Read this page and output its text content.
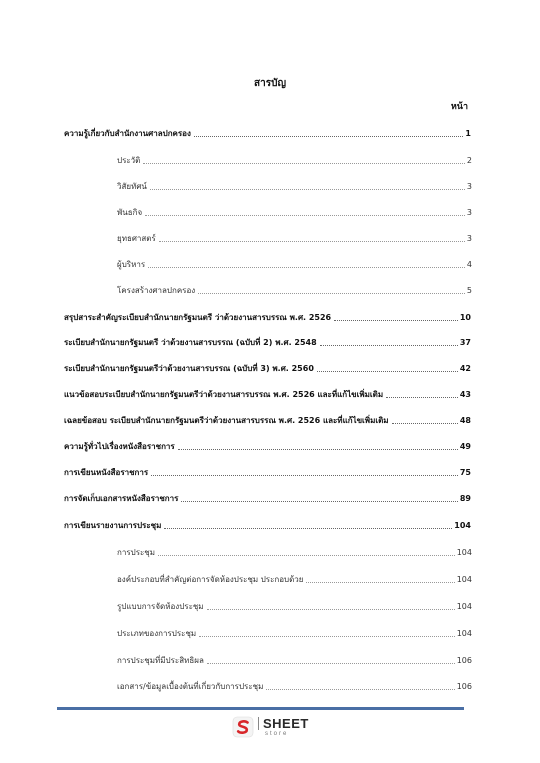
สารบัญ
หน้า
ความรู้เกี่ยวกับสำนักงานศาลปกครอง	1
ประวัติ	2
วิสัยทัศน์	3
พันธกิจ	3
ยุทธศาสตร์	3
ผู้บริหาร	4
โครงสร้างศาลปกครอง	5
สรุปสาระสำคัญระเบียบสำนักนายกรัฐมนตรี ว่าด้วยงานสารบรรณ พ.ศ. 2526	10
ระเบียบสำนักนายกรัฐมนตรี ว่าด้วยงานสารบรรณ (ฉบับที่ 2) พ.ศ. 2548	37
ระเบียบสำนักนายกรัฐมนตรีว่าด้วยงานสารบรรณ (ฉบับที่ 3) พ.ศ. 2560	42
แนวข้อสอบระเบียบสำนักนายกรัฐมนตรีว่าด้วยงานสารบรรณ พ.ศ. 2526 และที่แก้ไขเพิ่มเติม	43
เฉลยข้อสอบ ระเบียบสำนักนายกรัฐมนตรีว่าด้วยงานสารบรรณ พ.ศ. 2526 และที่แก้ไขเพิ่มเติม	48
ความรู้ทั่วไปเรื่องหนังสือราชการ	49
การเขียนหนังสือราชการ	75
การจัดเก็บเอกสารหนังสือราชการ	89
การเขียนรายงานการประชุม	104
การประชุม	104
องค์ประกอบที่สำคัญต่อการจัดห้องประชุม ประกอบด้วย	104
รูปแบบการจัดห้องประชุม	104
ประเภทของการประชุม	104
การประชุมที่มีประสิทธิผล	106
เอกสาร/ข้อมูลเบื้องต้นที่เกี่ยวกับการประชุม	106
SHEET
store
